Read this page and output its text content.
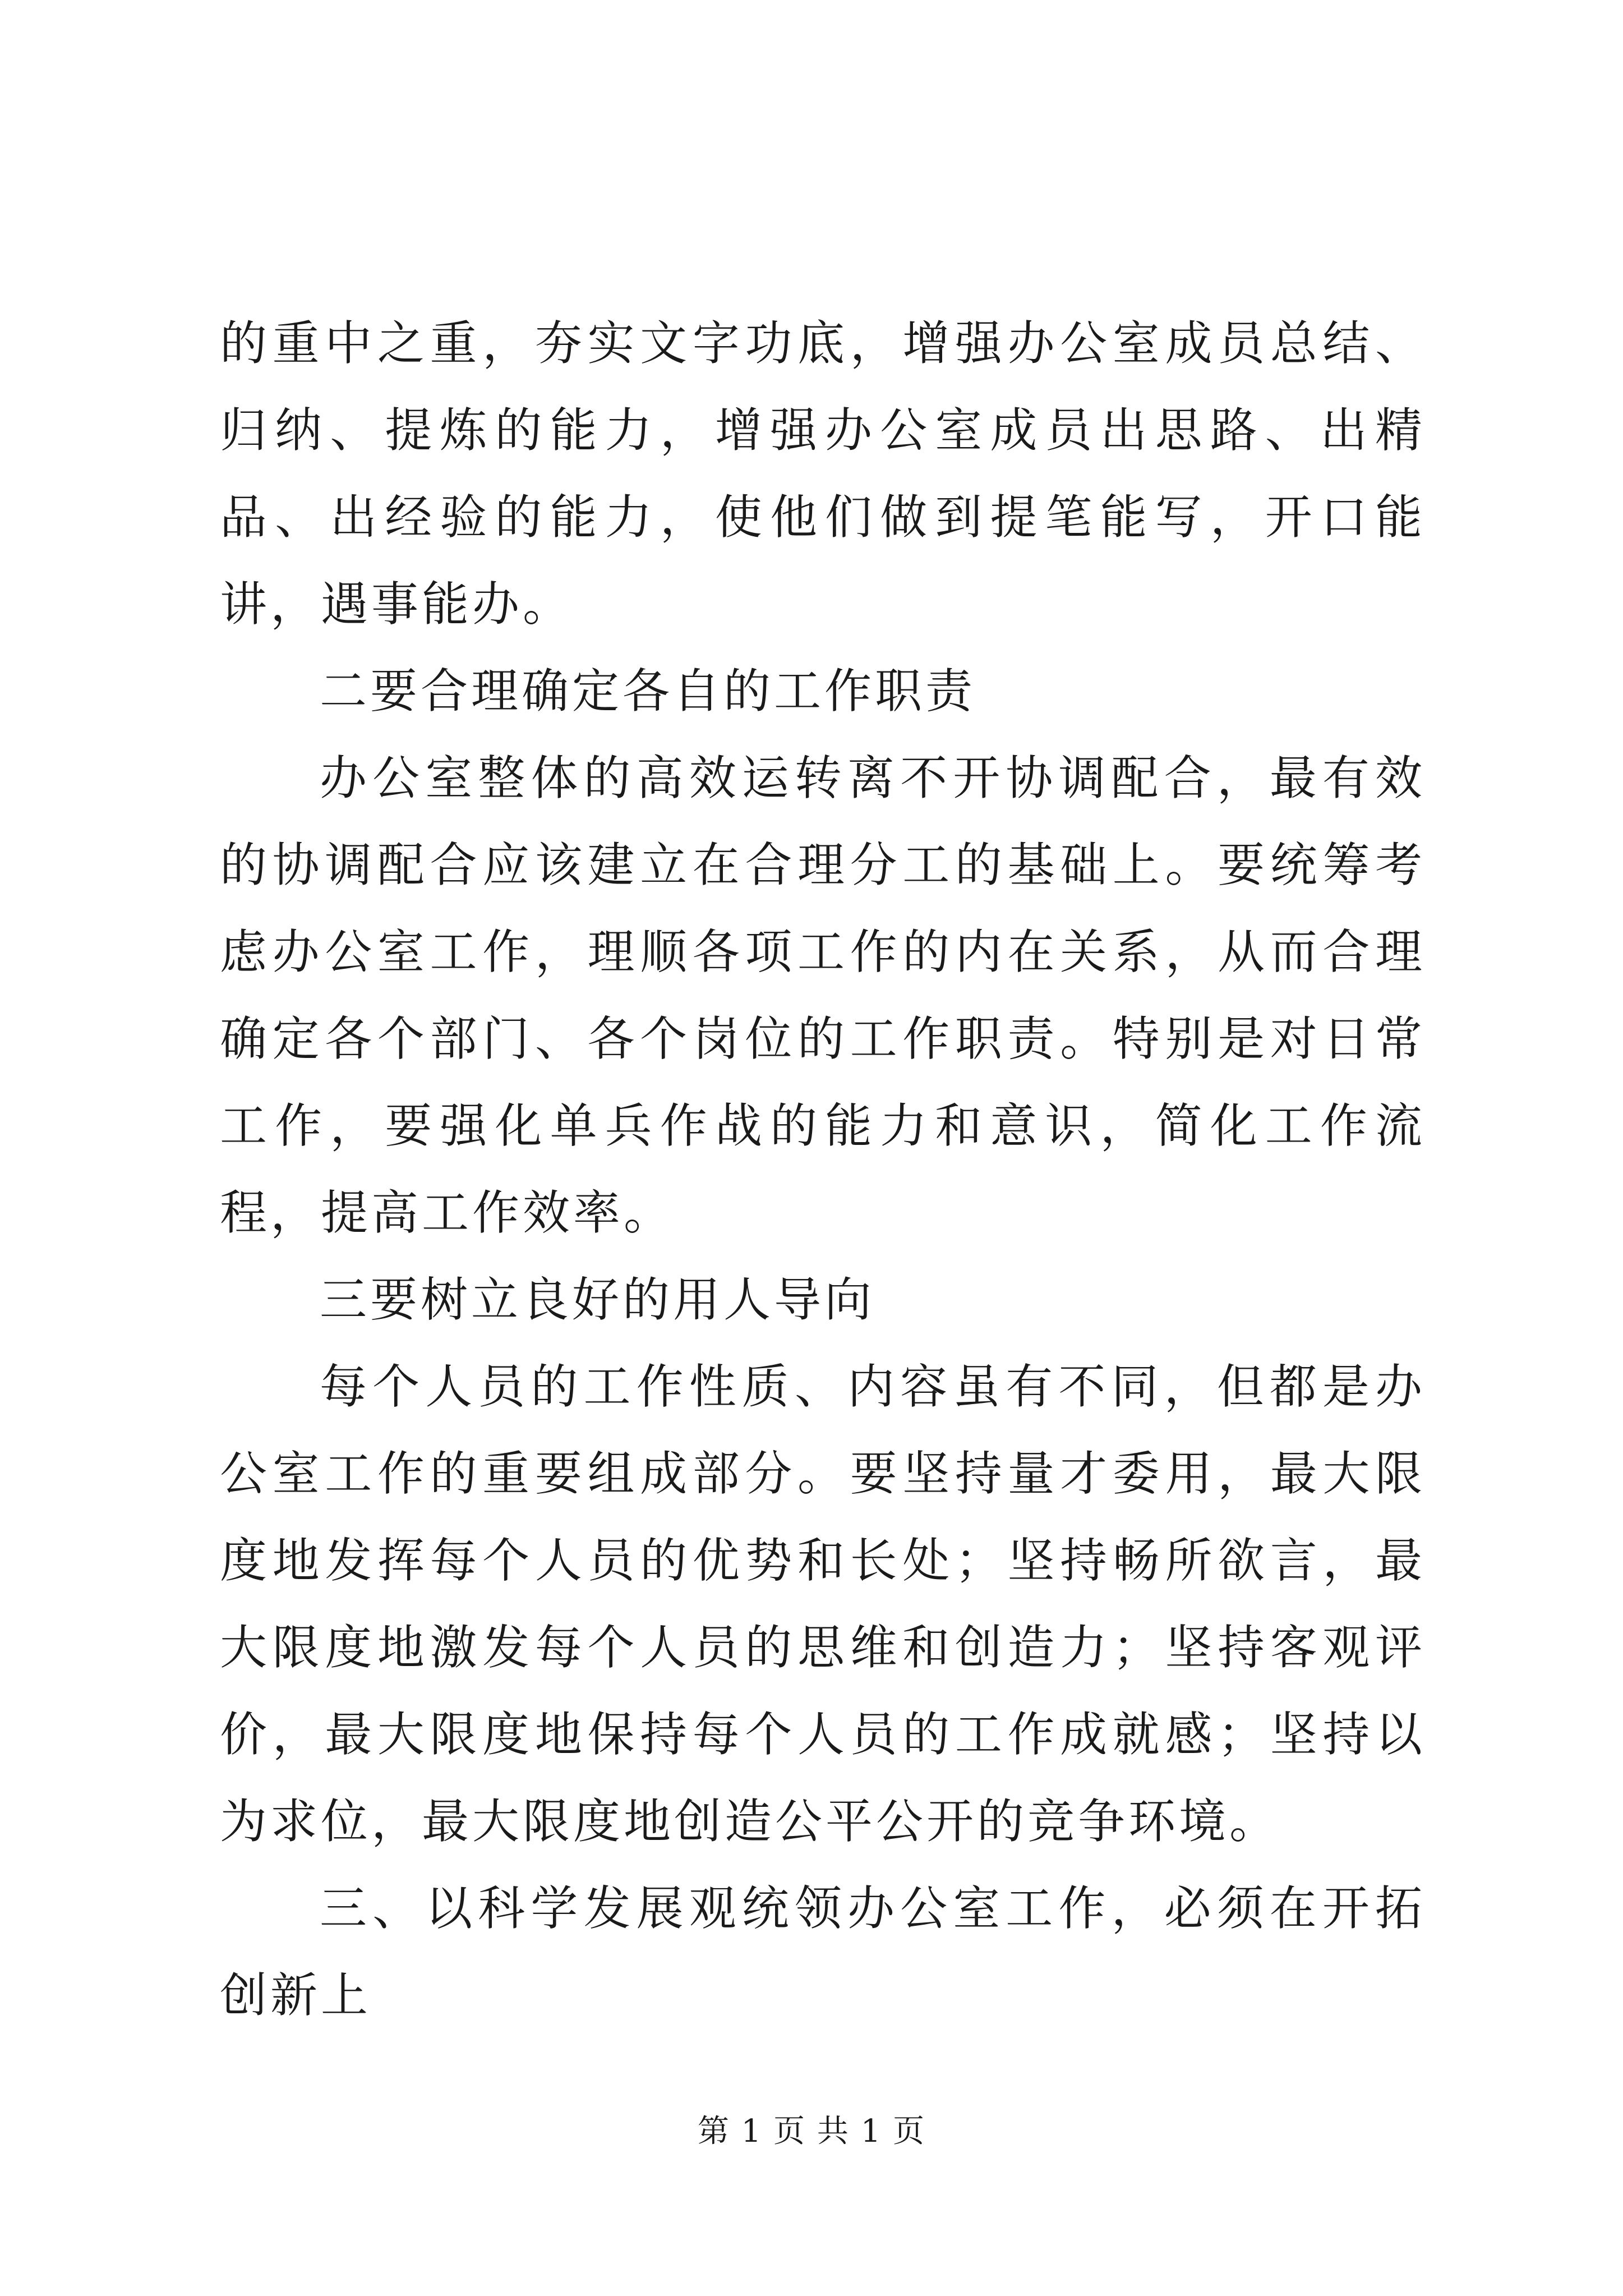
的重中之重，夯实文字功底，增强办公室成员总结、归纳、提炼的能力，增强办公室成员出思路、出精品、出经验的能力，使他们做到提笔能写，开口能讲，遇事能办。

二要合理确定各自的工作职责

办公室整体的高效运转离不开协调配合，最有效的协调配合应该建立在合理分工的基础上。要统筹考虑办公室工作，理顺各项工作的内在关系，从而合理确定各个部门、各个岗位的工作职责。特别是对日常工作，要强化单兵作战的能力和意识，简化工作流程，提高工作效率。

三要树立良好的用人导向

每个人员的工作性质、内容虽有不同，但都是办公室工作的重要组成部分。要坚持量才委用，最大限度地发挥每个人员的优势和长处；坚持畅所欲言，最大限度地激发每个人员的思维和创造力；坚持客观评价，最大限度地保持每个人员的工作成就感；坚持以为求位，最大限度地创造公平公开的竞争环境。

三、以科学发展观统领办公室工作，必须在开拓创新上

第 1 页 共 1 页
